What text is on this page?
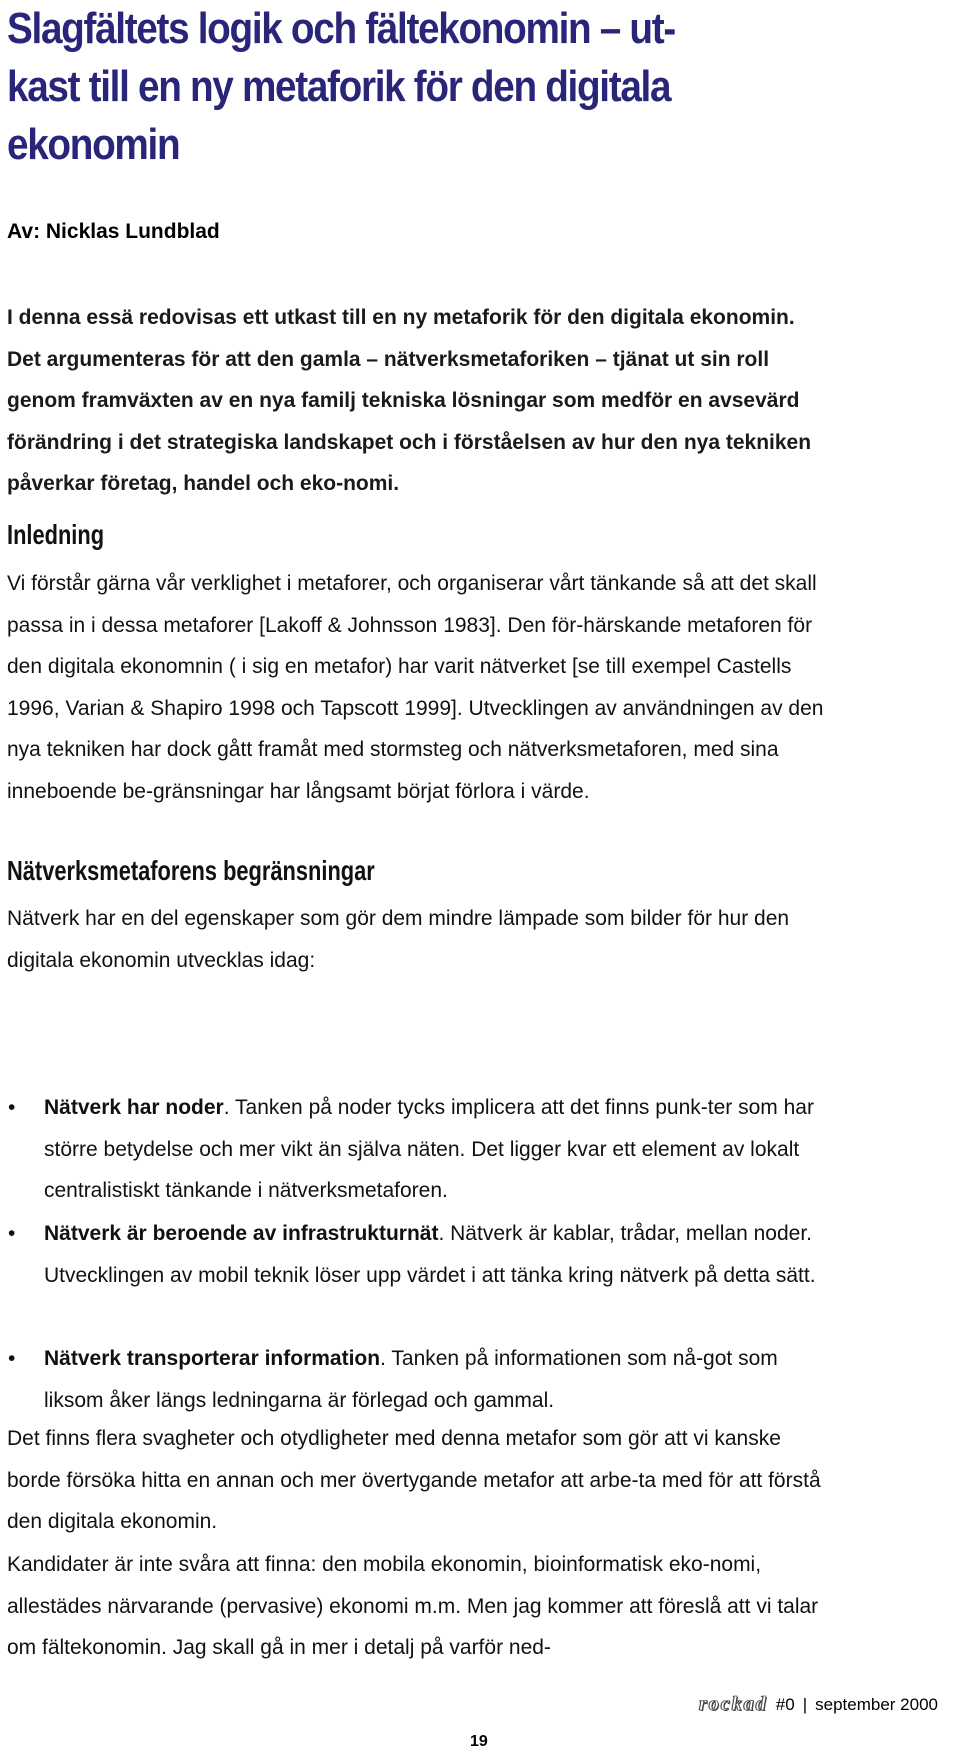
Slagfältets logik och fältekonomin – ut-
kast till en ny metaforik för den digitala
ekonomin
Av: Nicklas Lundblad

I denna essä redovisas ett utkast till en ny metaforik för den digitala ekonomin. Det argumenteras för att den gamla – nätverksmetaforiken – tjänat ut sin roll genom framväxten av en nya familj tekniska lösningar som medför en avsevärd förändring i det strategiska landskapet och i förståelsen av hur den nya tekniken påverkar företag, handel och eko-nomi.

Inledning

Vi förstår gärna vår verklighet i metaforer, och organiserar vårt tänkande så att det skall passa in i dessa metaforer [Lakoff & Johnsson 1983]. Den för-härskande metaforen för den digitala ekonomnin ( i sig en metafor) har varit nätverket [se till exempel Castells 1996, Varian & Shapiro 1998 och Tapscott 1999]. Utvecklingen av användningen av den nya tekniken har dock gått framåt med stormsteg och nätverksmetaforen, med sina inneboende be-gränsningar har långsamt börjat förlora i värde.

Nätverksmetaforens begränsningar

Nätverk har en del egenskaper som gör dem mindre lämpade som bilder för hur den digitala ekonomin utvecklas idag:

• Nätverk har noder. Tanken på noder tycks implicera att det finns punk-ter som har större betydelse och mer vikt än själva näten. Det ligger kvar ett element av lokalt centralistiskt tänkande i nätverksmetaforen.
• Nätverk är beroende av infrastrukturnät. Nätverk är kablar, trådar, mellan noder. Utvecklingen av mobil teknik löser upp värdet i att tänka kring nätverk på detta sätt.
• Nätverk transporterar information. Tanken på informationen som nå-got som liksom åker längs ledningarna är förlegad och gammal.

Det finns flera svagheter och otydligheter med denna metafor som gör att vi kanske borde försöka hitta en annan och mer övertygande metafor att arbe-ta med för att förstå den digitala ekonomin.

Kandidater är inte svåra att finna: den mobila ekonomin, bioinformatisk eko-nomi, allestädes närvarande (pervasive) ekonomi m.m. Men jag kommer att föreslå att vi talar om fältekonomin. Jag skall gå in mer i detalj på varför ned-

rockad #0 | september 2000
19
